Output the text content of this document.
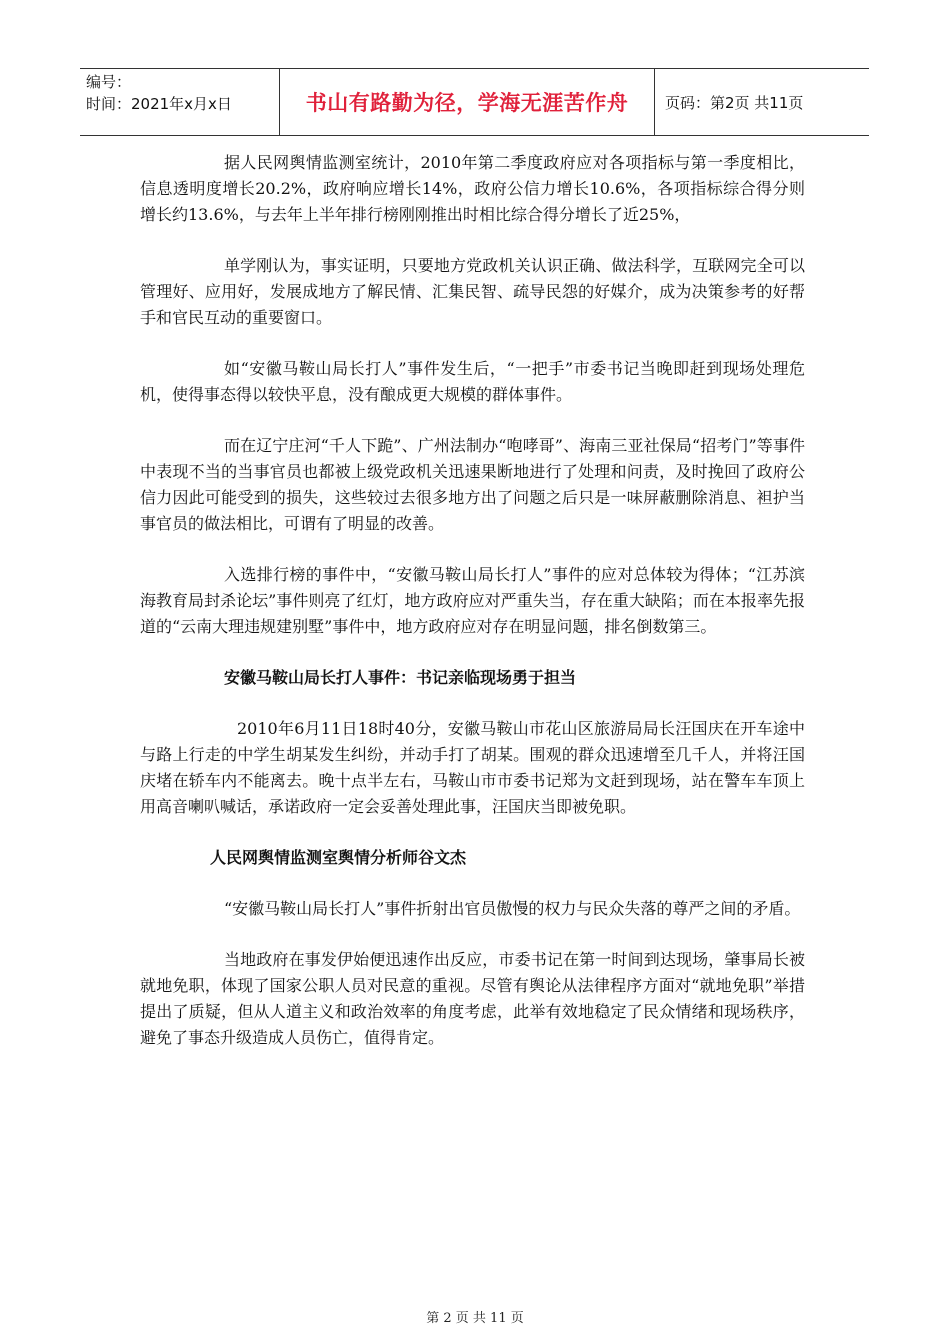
编号：
时间：2021年x月x日	书山有路勤为径，学海无涯苦作舟	页码：第2页 共11页

据人民网舆情监测室统计，2010年第二季度政府应对各项指标与第一季度相比，信息透明度增长20.2%，政府响应增长14%，政府公信力增长10.6%，各项指标综合得分则增长约13.6%，与去年上半年排行榜刚刚推出时相比综合得分增长了近25%，

单学刚认为，事实证明，只要地方党政机关认识正确、做法科学，互联网完全可以管理好、应用好，发展成地方了解民情、汇集民智、疏导民怨的好媒介，成为决策参考的好帮手和官民互动的重要窗口。

如“安徽马鞍山局长打人”事件发生后，“一把手”市委书记当晚即赶到现场处理危机，使得事态得以较快平息，没有酿成更大规模的群体事件。

而在辽宁庄河“千人下跪”、广州法制办“咆哮哥”、海南三亚社保局“招考门”等事件中表现不当的当事官员也都被上级党政机关迅速果断地进行了处理和问责，及时挽回了政府公信力因此可能受到的损失，这些较过去很多地方出了问题之后只是一味屏蔽删除消息、袒护当事官员的做法相比，可谓有了明显的改善。

入选排行榜的事件中，“安徽马鞍山局长打人”事件的应对总体较为得体；“江苏滨海教育局封杀论坛”事件则亮了红灯，地方政府应对严重失当，存在重大缺陷；而在本报率先报道的“云南大理违规建别墅”事件中，地方政府应对存在明显问题，排名倒数第三。

安徽马鞍山局长打人事件：书记亲临现场勇于担当

2010年6月11日18时40分，安徽马鞍山市花山区旅游局局长汪国庆在开车途中与路上行走的中学生胡某发生纠纷，并动手打了胡某。围观的群众迅速增至几千人，并将汪国庆堵在轿车内不能离去。晚十点半左右，马鞍山市市委书记郑为文赶到现场，站在警车车顶上用高音喇叭喊话，承诺政府一定会妥善处理此事，汪国庆当即被免职。

人民网舆情监测室舆情分析师谷文杰

“安徽马鞍山局长打人”事件折射出官员傲慢的权力与民众失落的尊严之间的矛盾。

当地政府在事发伊始便迅速作出反应，市委书记在第一时间到达现场，肇事局长被就地免职，体现了国家公职人员对民意的重视。尽管有舆论从法律程序方面对“就地免职”举措提出了质疑，但从人道主义和政治效率的角度考虑，此举有效地稳定了民众情绪和现场秩序，避免了事态升级造成人员伤亡，值得肯定。

第 2 页 共 11 页
